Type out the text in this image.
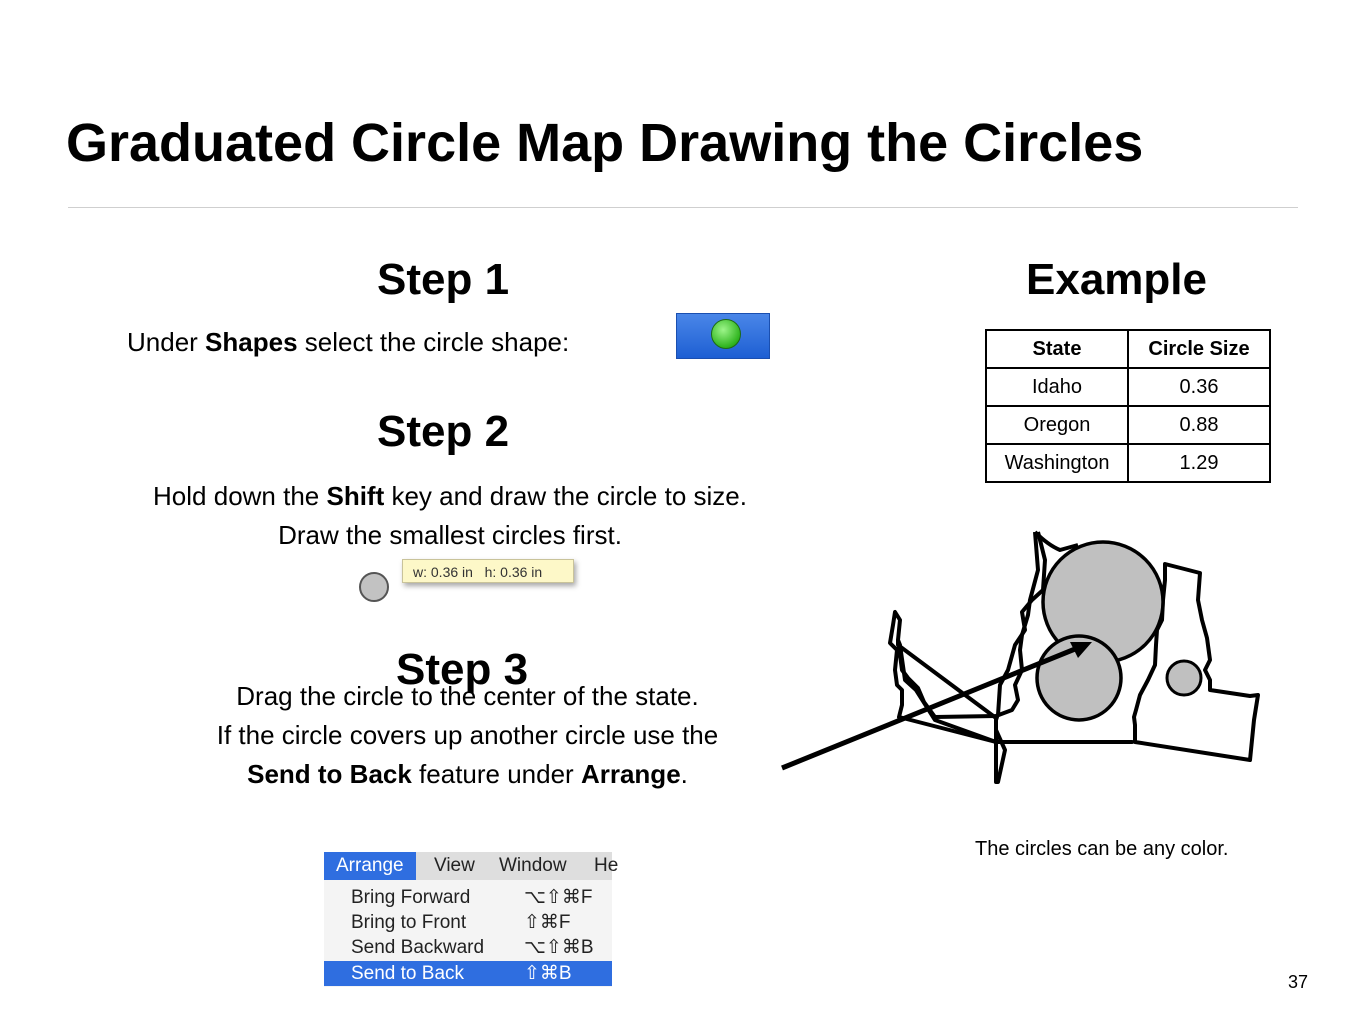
Graduated Circle Map Drawing the Circles
Step 1
Under Shapes select the circle shape:
Step 2
Hold down the Shift key and draw the circle to size.
Draw the smallest circles first.
w: 0.36 in   h: 0.36 in
Step 3
Drag the circle to the center of the state.
If the circle covers up another circle use the
Send to Back feature under Arrange.
Arrange	View Window He
Bring Forward	⌥⇧⌘F
Bring to Front	⇧⌘F
Send Backward ⌥⇧⌘B
Send to Back	⇧⌘B
Example
State	Circle Size
Idaho	0.36
Oregon	0.88
Washington	1.29
The circles can be any color.
37
